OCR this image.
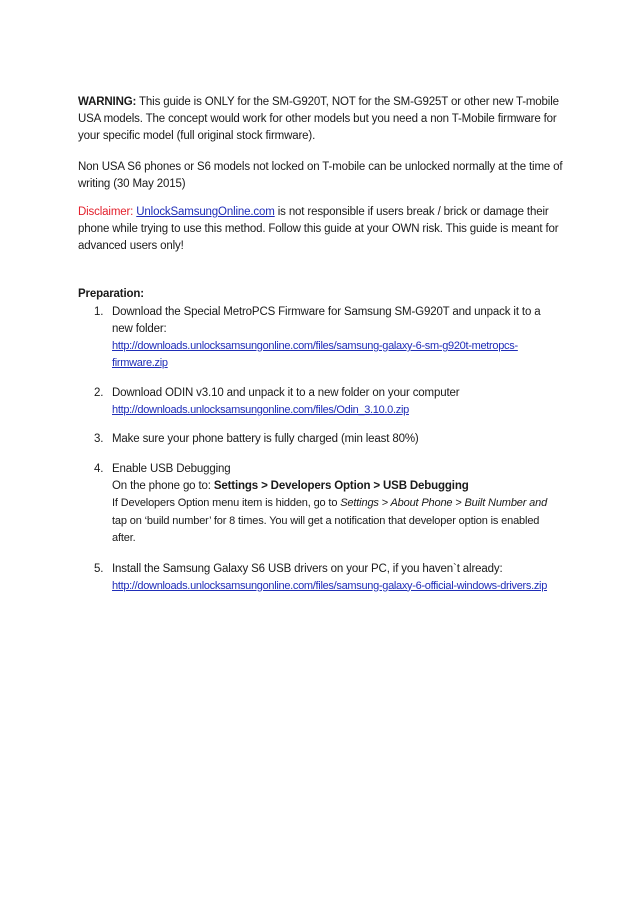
WARNING: This guide is ONLY for the SM-G920T, NOT for the SM-G925T or other new T-mobile USA models. The concept would work for other models but you need a non T-Mobile firmware for your specific model (full original stock firmware).

Non USA S6 phones or S6 models not locked on T-mobile can be unlocked normally at the time of writing (30 May 2015)

Disclaimer: UnlockSamsungOnline.com is not responsible if users break / brick or damage their phone while trying to use this method. Follow this guide at your OWN risk. This guide is meant for advanced users only!

Preparation:

1. Download the Special MetroPCS Firmware for Samsung SM-G920T and unpack it to a new folder:
http://downloads.unlocksamsungonline.com/files/samsung-galaxy-6-sm-g920t-metropcs-firmware.zip
2. Download ODIN v3.10 and unpack it to a new folder on your computer
http://downloads.unlocksamsungonline.com/files/Odin_3.10.0.zip
3. Make sure your phone battery is fully charged (min least 80%)
4. Enable USB Debugging
On the phone go to: Settings > Developers Option > USB Debugging
If Developers Option menu item is hidden, go to Settings > About Phone > Built Number and tap on ‘build number’ for 8 times. You will get a notification that developer option is enabled after.
5. Install the Samsung Galaxy S6 USB drivers on your PC, if you haven`t already:
http://downloads.unlocksamsungonline.com/files/samsung-galaxy-6-official-windows-drivers.zip
